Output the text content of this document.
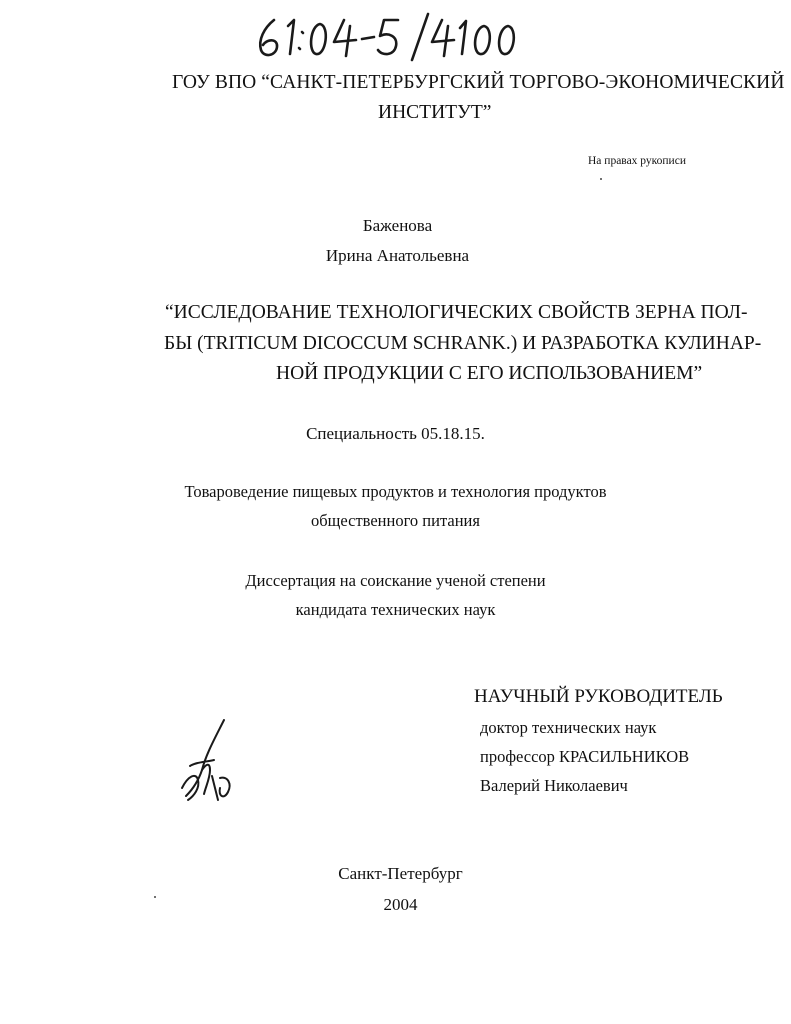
ГОУ ВПО “САНКТ-ПЕТЕРБУРГСКИЙ ТОРГОВО-ЭКОНОМИЧЕСКИЙ
ИНСТИТУТ”
На правах рукописи
Баженова
Ирина Анатольевна
“ИССЛЕДОВАНИЕ ТЕХНОЛОГИЧЕСКИХ СВОЙСТВ ЗЕРНА ПОЛ-
БЫ (TRITICUM DICOCCUM SCHRANK.) И РАЗРАБОТКА КУЛИНАР-
НОЙ ПРОДУКЦИИ С ЕГО ИСПОЛЬЗОВАНИЕМ”
Специальность 05.18.15.
Товароведение пищевых продуктов и технология продуктов
общественного питания
Диссертация на соискание ученой степени
кандидата технических наук
НАУЧНЫЙ РУКОВОДИТЕЛЬ
доктор технических наук
профессор КРАСИЛЬНИКОВ
Валерий Николаевич
Санкт-Петербург
2004
